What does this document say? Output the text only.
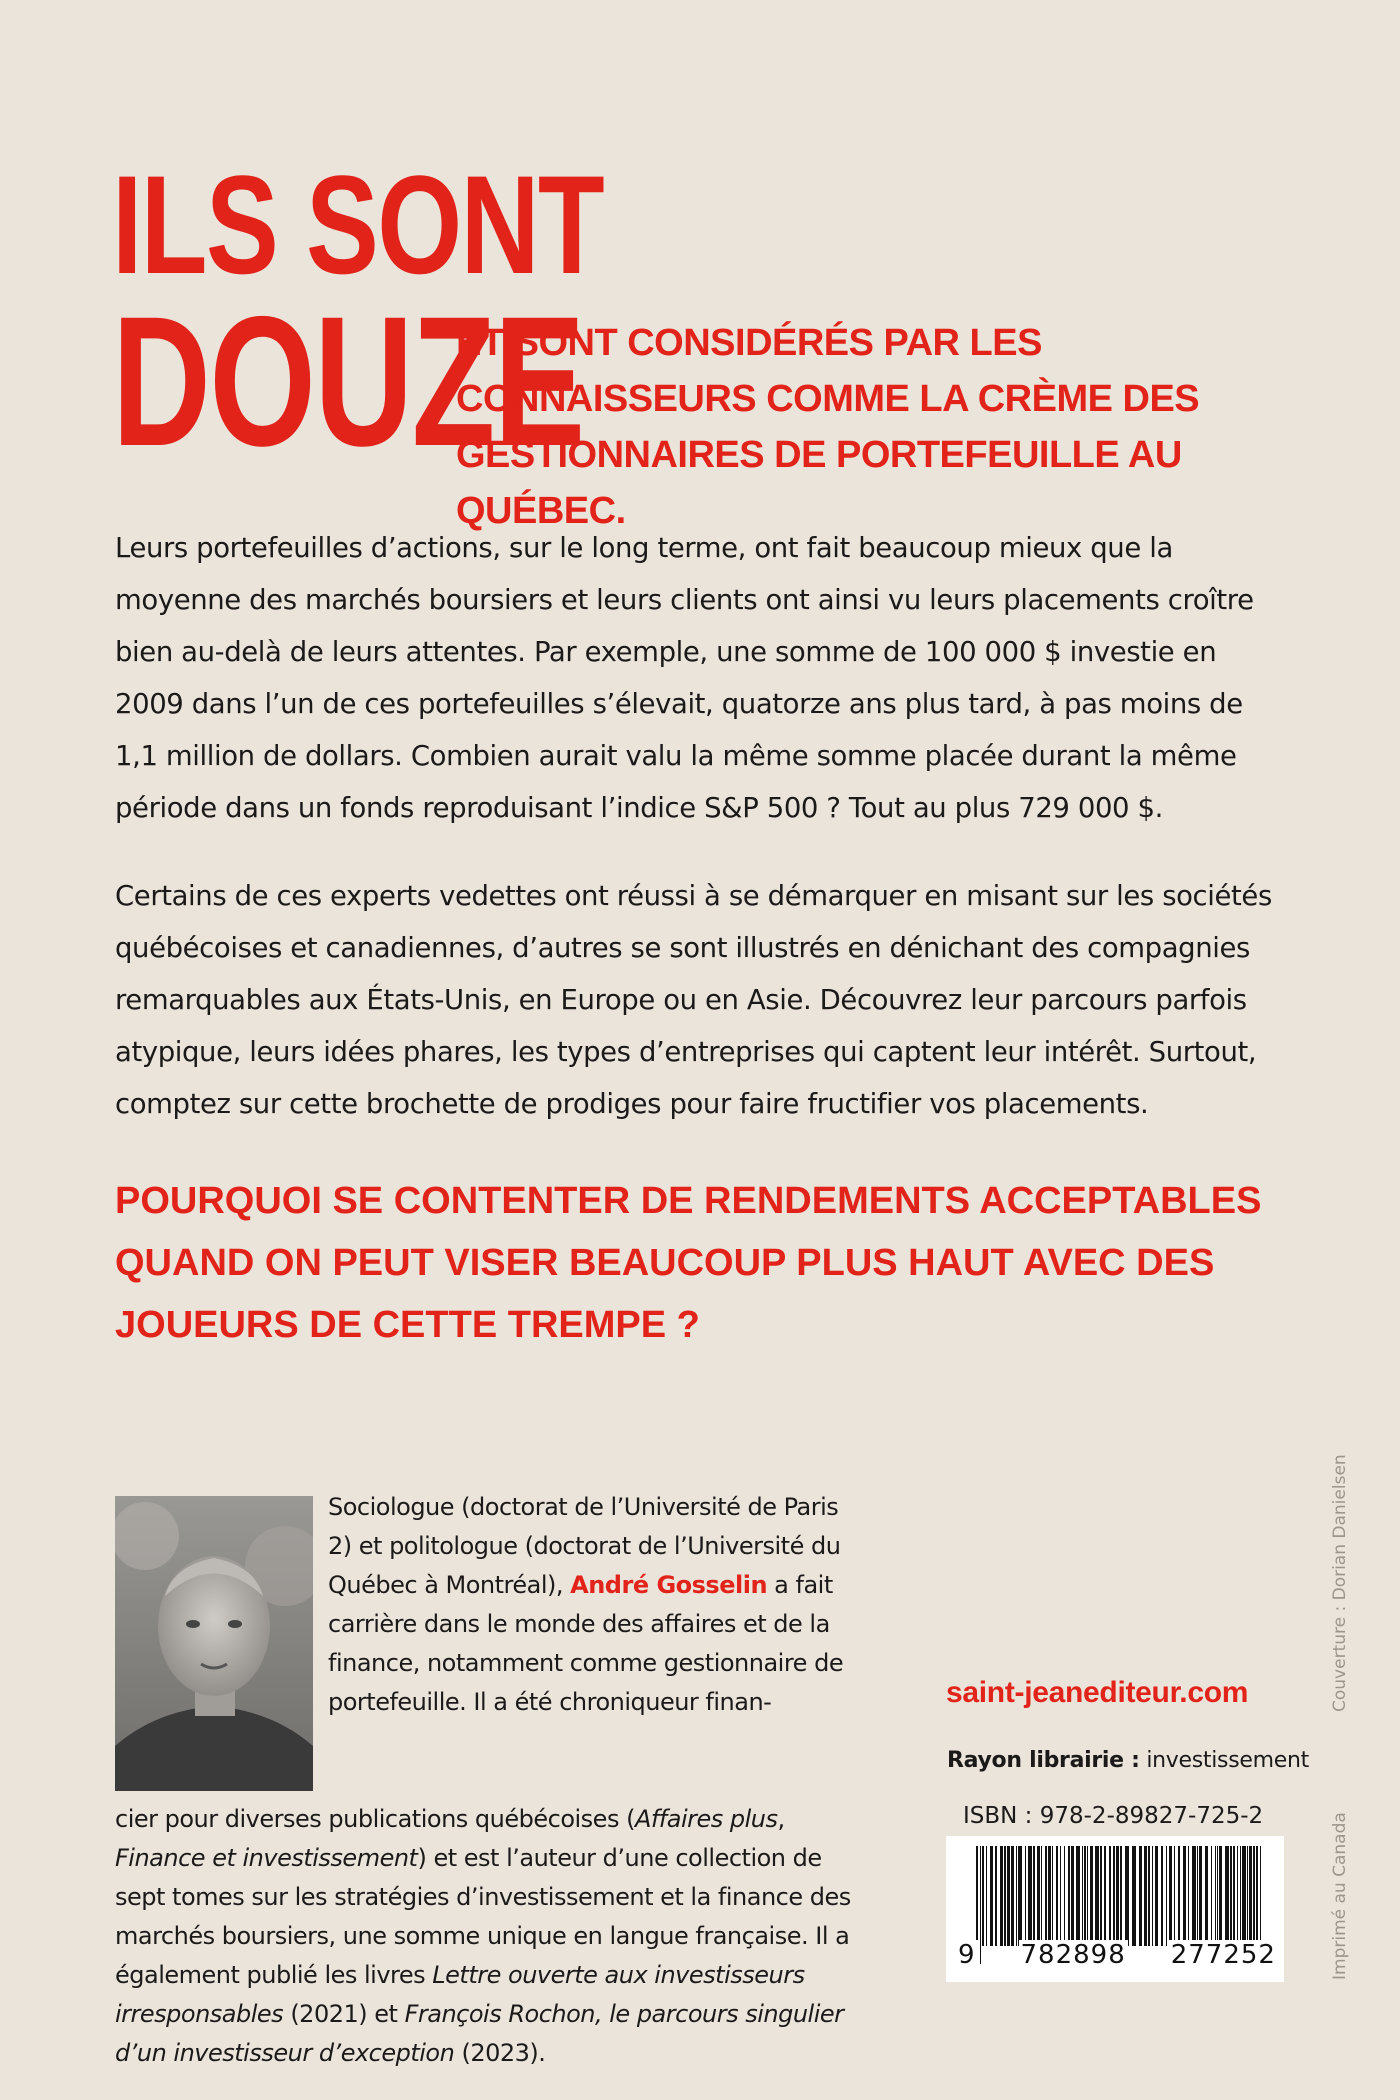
ILS SONT
DOUZE

ET SONT CONSIDÉRÉS PAR LES CONNAISSEURS COMME LA CRÈME DES GESTIONNAIRES DE PORTEFEUILLE AU QUÉBEC.

Leurs portefeuilles d’actions, sur le long terme, ont fait beaucoup mieux que la moyenne des marchés boursiers et leurs clients ont ainsi vu leurs placements croître bien au-delà de leurs attentes. Par exemple, une somme de 100 000 $ investie en 2009 dans l’un de ces portefeuilles s’élevait, quatorze ans plus tard, à pas moins de 1,1 million de dollars. Combien aurait valu la même somme placée durant la même période dans un fonds reproduisant l’indice S&P 500 ? Tout au plus 729 000 $.

Certains de ces experts vedettes ont réussi à se démarquer en misant sur les sociétés québécoises et canadiennes, d’autres se sont illustrés en dénichant des compagnies remarquables aux États-Unis, en Europe ou en Asie. Découvrez leur parcours parfois atypique, leurs idées phares, les types d’entreprises qui captent leur intérêt. Surtout, comptez sur cette brochette de prodiges pour faire fructifier vos placements.

POURQUOI SE CONTENTER DE RENDEMENTS ACCEPTABLES QUAND ON PEUT VISER BEAUCOUP PLUS HAUT AVEC DES JOUEURS DE CETTE TREMPE ?

Sociologue (doctorat de l’Université de Paris 2) et politologue (doctorat de l’Université du Québec à Montréal), André Gosselin a fait carrière dans le monde des affaires et de la finance, notamment comme gestionnaire de portefeuille. Il a été chroniqueur finan-

cier pour diverses publications québécoises (Affaires plus, Finance et investissement) et est l’auteur d’une collection de sept tomes sur les stratégies d’investissement et la finance des marchés boursiers, une somme unique en langue française. Il a également publié les livres Lettre ouverte aux investisseurs irresponsables (2021) et François Rochon, le parcours singulier d’un investisseur d’exception (2023).

saint-jeanediteur.com

Rayon librairie : investissement

ISBN : 978-2-89827-725-2

9 782898 277252

Couverture : Dorian Danielsen

Imprimé au Canada
